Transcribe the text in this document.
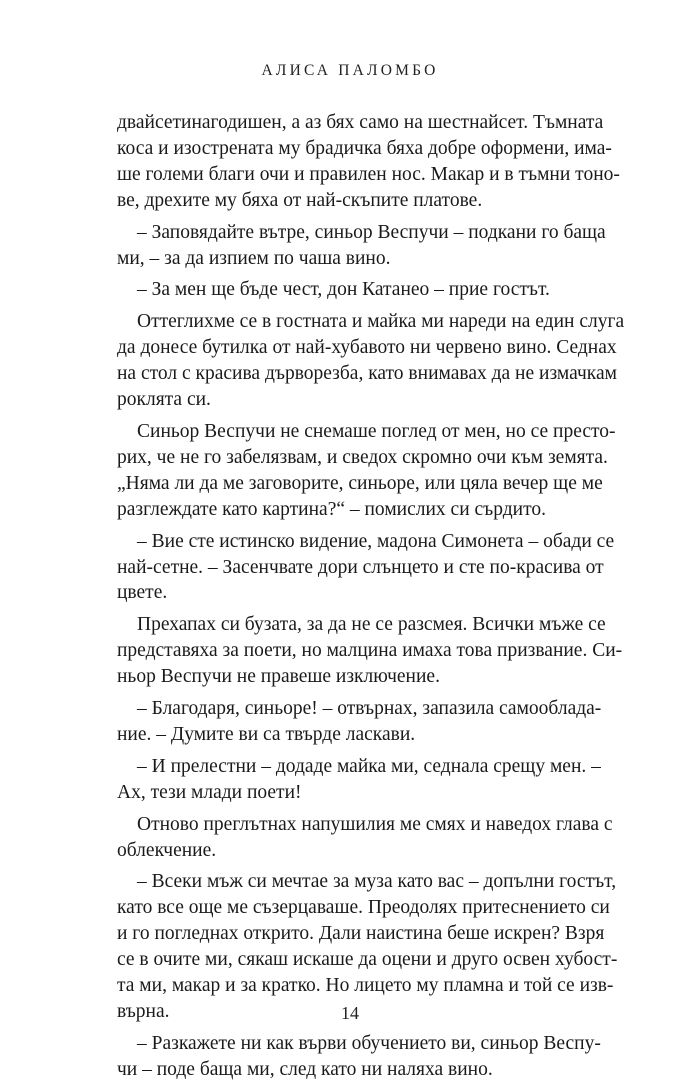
АЛИСА ПАЛОМБО

двайсетинагодишен, а аз бях само на шестнайсет. Тъмната
коса и изострената му брадичка бяха добре оформени, има-
ше големи благи очи и правилен нос. Макар и в тъмни тоно-
ве, дрехите му бяха от най-скъпите платове.

– Заповядайте вътре, синьор Веспучи – подкани го баща
ми, – за да изпием по чаша вино.

– За мен ще бъде чест, дон Катанео – прие гостът.

Оттеглихме се в гостната и майка ми нареди на един слуга
да донесе бутилка от най-хубавото ни червено вино. Седнах
на стол с красива дърворезба, като внимавах да не измачкам
роклята си.

Синьор Веспучи не снемаше поглед от мен, но се престо-
рих, че не го забелязвам, и сведох скромно очи към земята.
„Няма ли да ме заговорите, синьоре, или цяла вечер ще ме
разглеждате като картина?“ – помислих си сърдито.

– Вие сте истинско видение, мадона Симонета – обади се
най-сетне. – Засенчвате дори слънцето и сте по-красива от
цвете.

Прехапах си бузата, за да не се разсмея. Всички мъже се
представяха за поети, но малцина имаха това призвание. Си-
ньор Веспучи не правеше изключение.

– Благодаря, синьоре! – отвърнах, запазила самооблада-
ние. – Думите ви са твърде ласкави.

– И прелестни – додаде майка ми, седнала срещу мен. –
Ах, тези млади поети!

Отново преглътнах напушилия ме смях и наведох глава с
облекчение.

– Всеки мъж си мечтае за муза като вас – допълни гостът,
като все още ме съзерцаваше. Преодолях притеснението си
и го погледнах открито. Дали наистина беше искрен? Взря
се в очите ми, сякаш искаше да оцени и друго освен хубост-
та ми, макар и за кратко. Но лицето му пламна и той се изв-
върна.

– Разкажете ни как върви обучението ви, синьор Веспу-
чи – поде баща ми, след като ни наляха вино.

14
